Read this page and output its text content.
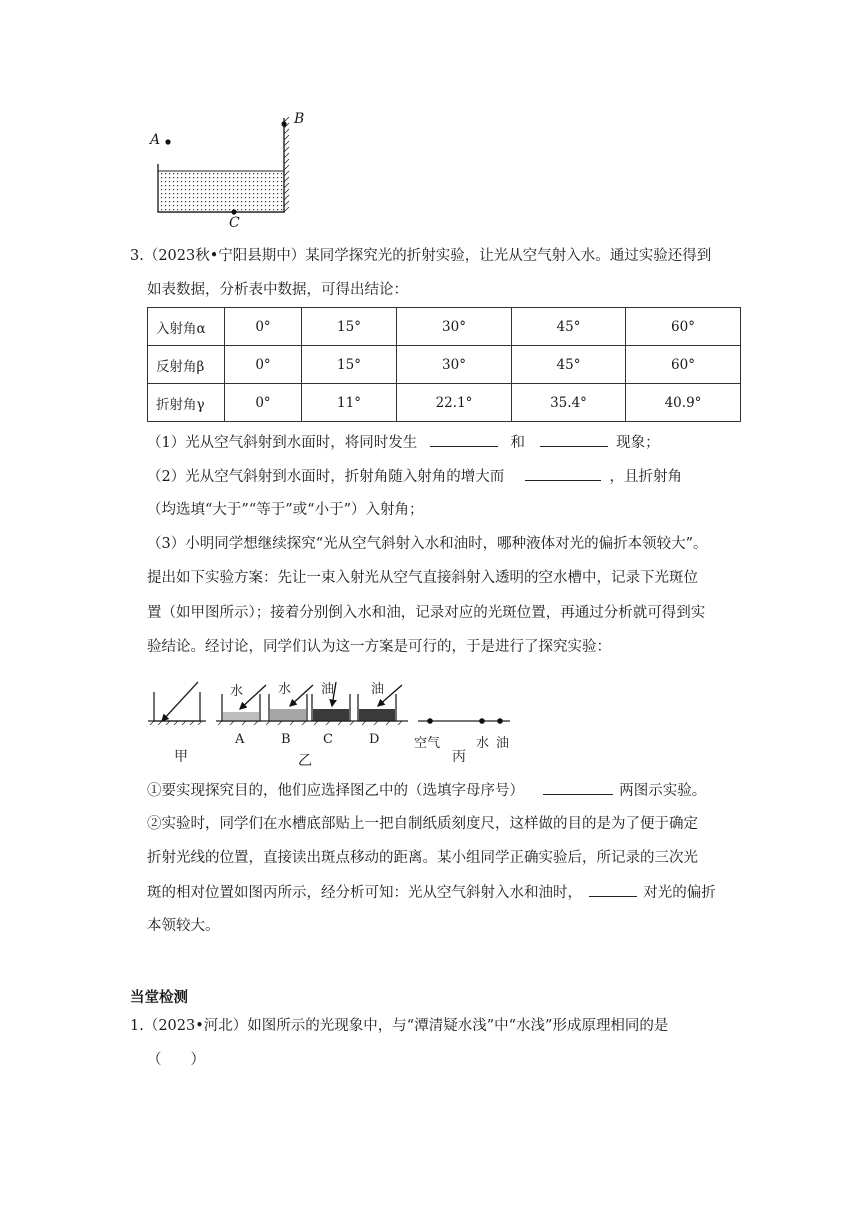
A
B
C
3.（2023秋•宁阳县期中）某同学探究光的折射实验，让光从空气射入水。通过实验还得到
如表数据，分析表中数据，可得出结论：
入射角α	0°	15°	30°	45°	60°
反射角β	0°	15°	30°	45°	60°
折射角γ	0°	11°	22.1°	35.4°	40.9°
（1）光从空气斜射到水面时，将同时发生	和	现象；
（2）光从空气斜射到水面时，折射角随入射角的增大而	，且折射角
（均选填“大于”“等于”或“小于”）入射角；
（3）小明同学想继续探究“光从空气斜射入水和油时，哪种液体对光的偏折本领较大”。
提出如下实验方案：先让一束入射光从空气直接斜射入透明的空水槽中，记录下光斑位
置（如甲图所示）；接着分别倒入水和油，记录对应的光斑位置，再通过分析就可得到实
验结论。经讨论，同学们认为这一方案是可行的，于是进行了探究实验：
水	水 油	油
A	B C	D	空气	水 油
甲	乙	丙
①要实现探究目的，他们应选择图乙中的（选填字母序号）	两图示实验。
②实验时，同学们在水槽底部贴上一把自制纸质刻度尺，这样做的目的是为了便于确定
折射光线的位置，直接读出斑点移动的距离。某小组同学正确实验后，所记录的三次光
斑的相对位置如图丙所示，经分析可知：光从空气斜射入水和油时，	对光的偏折
本领较大。
当堂检测
1.（2023•河北）如图所示的光现象中，与“潭清疑水浅”中“水浅”形成原理相同的是
（　　）
